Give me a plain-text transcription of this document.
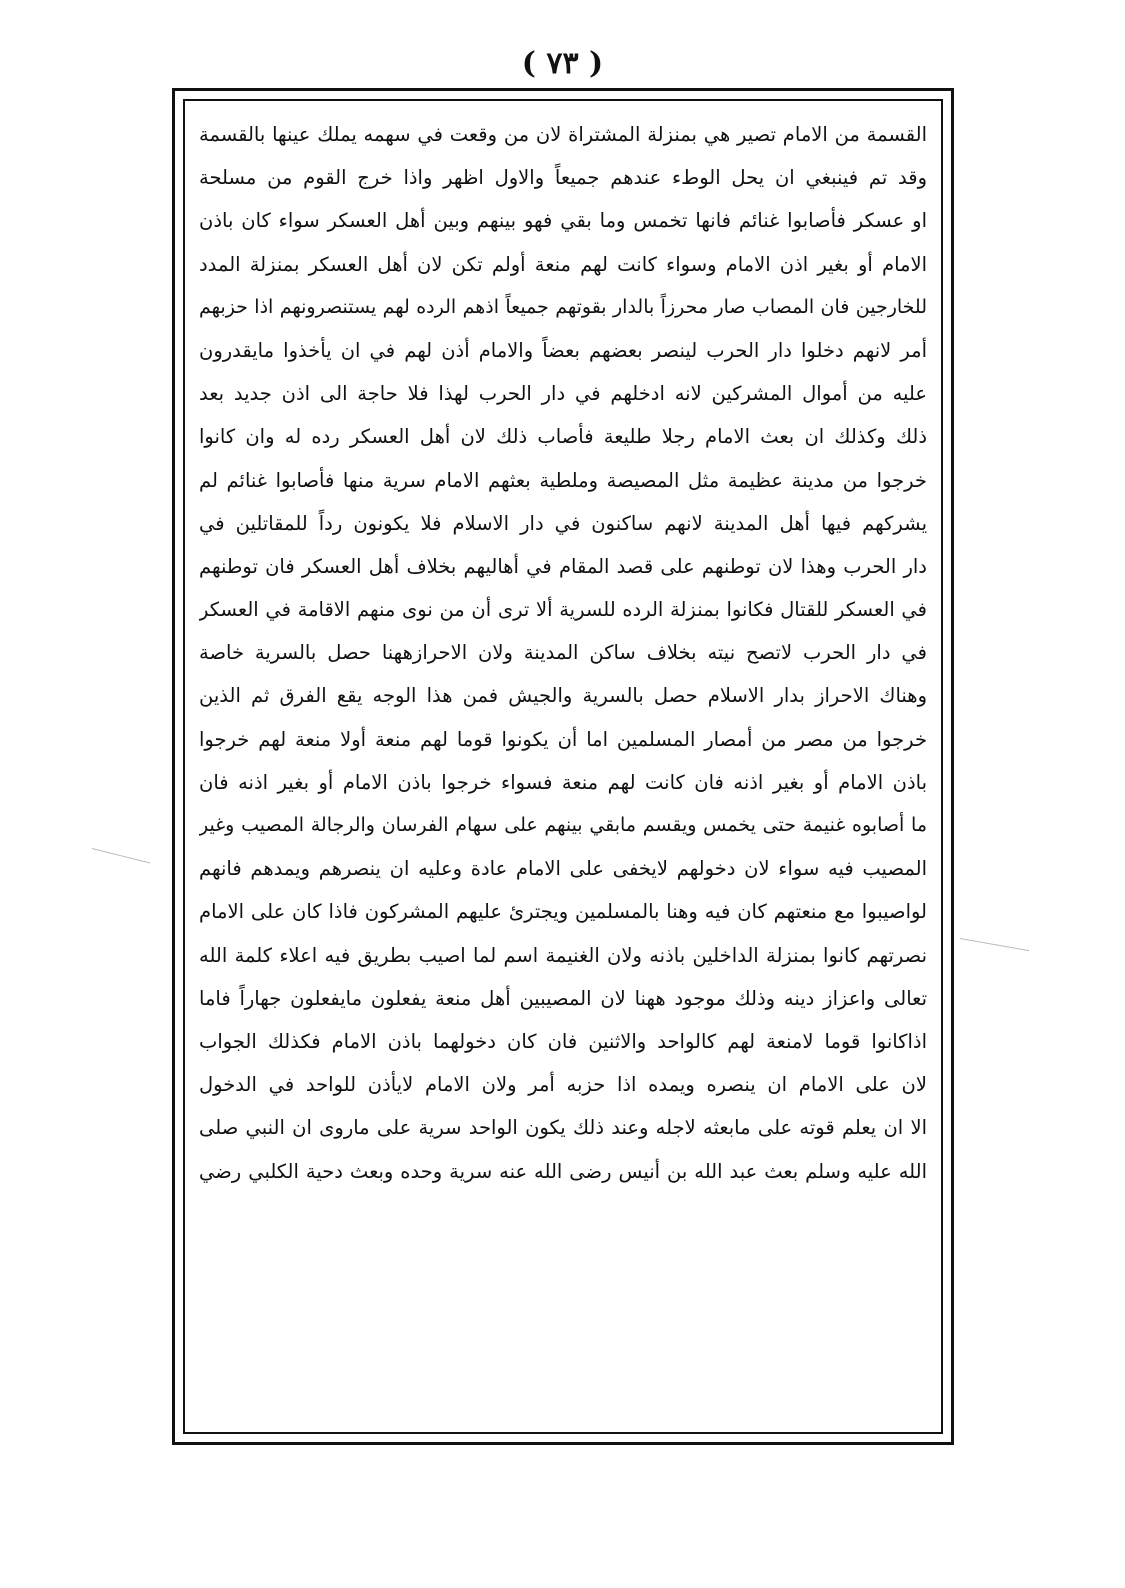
( ٧٣ )
القسمة من الامام تصير هي بمنزلة المشتراة لان من وقعت في سهمه يملك عينها بالقسمة
وقد تم فينبغي ان يحل الوطء عندهم جميعاً والاول اظهر واذا خرج القوم من مسلحة
او عسكر فأصابوا غنائم فانها تخمس وما بقي فهو بينهم وبين أهل العسكر سواء كان باذن
الامام أو بغير اذن الامام وسواء كانت لهم منعة أولم تكن لان أهل العسكر بمنزلة المدد
للخارجين فان المصاب صار محرزاً بالدار بقوتهم جميعاً اذهم الرده لهم يستنصرونهم اذا حزبهم
أمر لانهم دخلوا دار الحرب لينصر بعضهم بعضاً والامام أذن لهم في ان يأخذوا مايقدرون
عليه من أموال المشركين لانه ادخلهم في دار الحرب لهذا فلا حاجة الى اذن جديد بعد
ذلك وكذلك ان بعث الامام رجلا طليعة فأصاب ذلك لان أهل العسكر رده له وان كانوا
خرجوا من مدينة عظيمة مثل المصيصة وملطية بعثهم الامام سرية منها فأصابوا غنائم لم
يشركهم فيها أهل المدينة لانهم ساكنون في دار الاسلام فلا يكونون رداً للمقاتلين في
دار الحرب وهذا لان توطنهم على قصد المقام في أهاليهم بخلاف أهل العسكر فان توطنهم
في العسكر للقتال فكانوا بمنزلة الرده للسرية ألا ترى أن من نوى منهم الاقامة في العسكر
في دار الحرب لاتصح نيته بخلاف ساكن المدينة ولان الاحرازههنا حصل بالسرية خاصة
وهناك الاحراز بدار الاسلام حصل بالسرية والجيش فمن هذا الوجه يقع الفرق ثم الذين
خرجوا من مصر من أمصار المسلمين اما أن يكونوا قوما لهم منعة أولا منعة لهم خرجوا
باذن الامام أو بغير اذنه فان كانت لهم منعة فسواء خرجوا باذن الامام أو بغير اذنه فان
ما أصابوه غنيمة حتى يخمس ويقسم مابقي بينهم على سهام الفرسان والرجالة المصيب وغير
المصيب فيه سواء لان دخولهم لايخفى على الامام عادة وعليه ان ينصرهم ويمدهم فانهم
لواصيبوا مع منعتهم كان فيه وهنا بالمسلمين ويجترئ عليهم المشركون فاذا كان على الامام
نصرتهم كانوا بمنزلة الداخلين باذنه ولان الغنيمة اسم لما اصيب بطريق فيه اعلاء كلمة الله
تعالى واعزاز دينه وذلك موجود ههنا لان المصيبين أهل منعة يفعلون مايفعلون جهاراً فاما
اذاكانوا قوما لامنعة لهم كالواحد والاثنين فان كان دخولهما باذن الامام فكذلك الجواب
لان على الامام ان ينصره ويمده اذا حزبه أمر ولان الامام لايأذن للواحد في الدخول
الا ان يعلم قوته على مابعثه لاجله وعند ذلك يكون الواحد سرية على ماروى ان النبي صلى
الله عليه وسلم بعث عبد الله بن أنيس رضى الله عنه سرية وحده وبعث دحية الكلبي رضي
